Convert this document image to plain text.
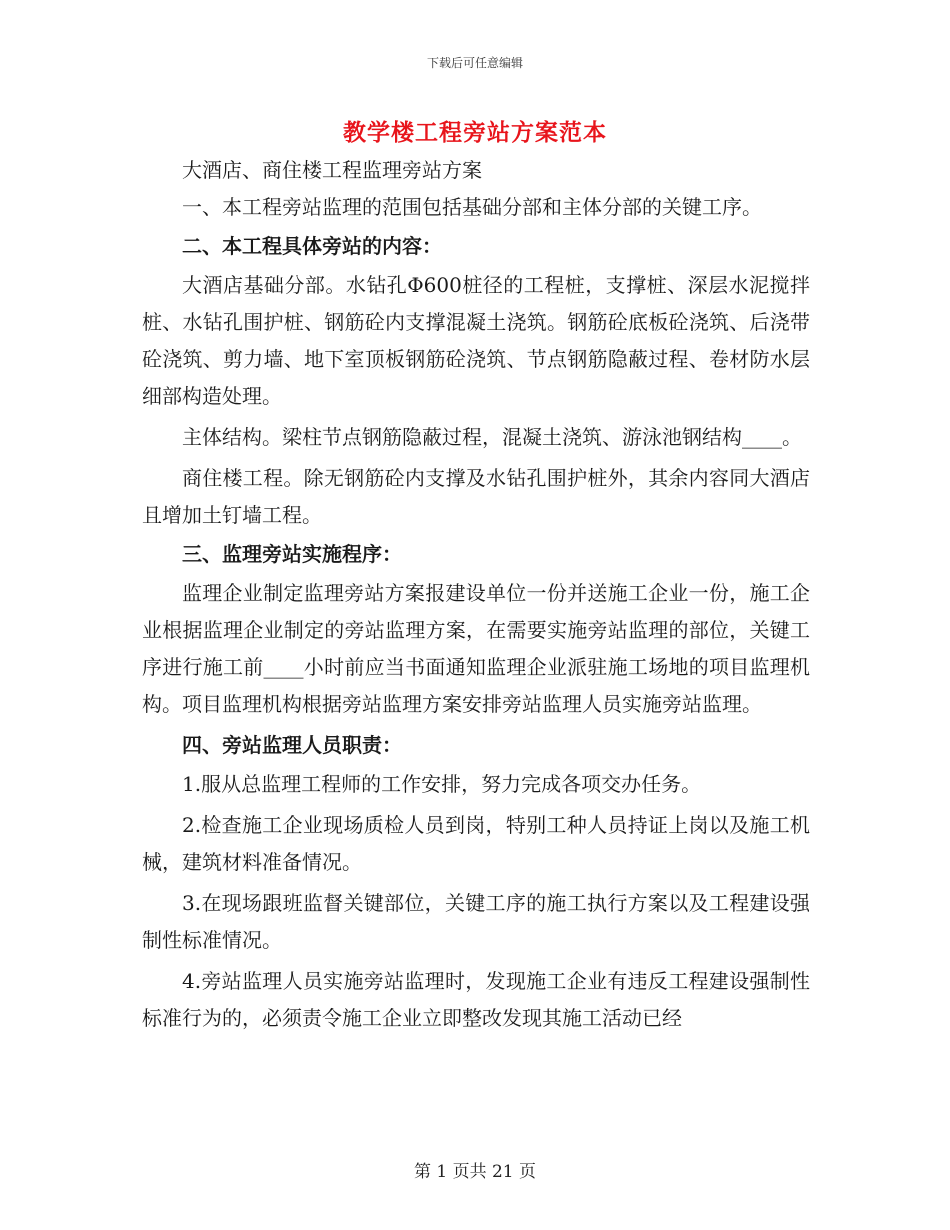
下载后可任意编辑
教学楼工程旁站方案范本

大酒店、商住楼工程监理旁站方案

一、本工程旁站监理的范围包括基础分部和主体分部的关键工序。

二、本工程具体旁站的内容：

大酒店基础分部。水钻孔Φ600桩径的工程桩，支撑桩、深层水泥搅拌桩、水钻孔围护桩、钢筋砼内支撑混凝土浇筑。钢筋砼底板砼浇筑、后浇带砼浇筑、剪力墙、地下室顶板钢筋砼浇筑、节点钢筋隐蔽过程、卷材防水层细部构造处理。

主体结构。梁柱节点钢筋隐蔽过程，混凝土浇筑、游泳池钢结构____。

商住楼工程。除无钢筋砼内支撑及水钻孔围护桩外，其余内容同大酒店且增加土钉墙工程。

三、监理旁站实施程序：

监理企业制定监理旁站方案报建设单位一份并送施工企业一份，施工企业根据监理企业制定的旁站监理方案，在需要实施旁站监理的部位，关键工序进行施工前____小时前应当书面通知监理企业派驻施工场地的项目监理机构。项目监理机构根据旁站监理方案安排旁站监理人员实施旁站监理。

四、旁站监理人员职责：

1.服从总监理工程师的工作安排，努力完成各项交办任务。

2.检查施工企业现场质检人员到岗，特别工种人员持证上岗以及施工机械，建筑材料准备情况。

3.在现场跟班监督关键部位，关键工序的施工执行方案以及工程建设强制性标准情况。

4.旁站监理人员实施旁站监理时，发现施工企业有违反工程建设强制性标准行为的，必须责令施工企业立即整改发现其施工活动已经

第 1 页共 21 页
